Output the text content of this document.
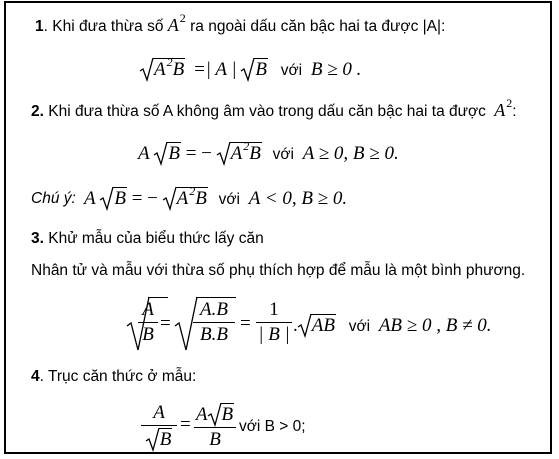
1. Khi đưa thừa số $A^2$ ra ngoài dấu căn bậc hai ta được |A|:
$A^2B$ =| A | B với B ≥ 0 .
2. Khi đưa thừa số A không âm vào trong dấu căn bậc hai ta được $A^2$:
A B = − $A^2B$ với A ≥ 0, B ≥ 0.
Chú ý: A B = − $A^2B$ với A < 0, B ≥ 0.
3. Khử mẫu của biểu thức lấy căn
Nhân tử và mẫu với thừa số phụ thích hợp để mẫu là một bình phương.
A
B
=
A.B
B.B
=
1
| B | . AB với AB ≥ 0 , B ≠ 0.
4. Trục căn thức ở mẫu:
A
B
= A B
B
với B > 0;
